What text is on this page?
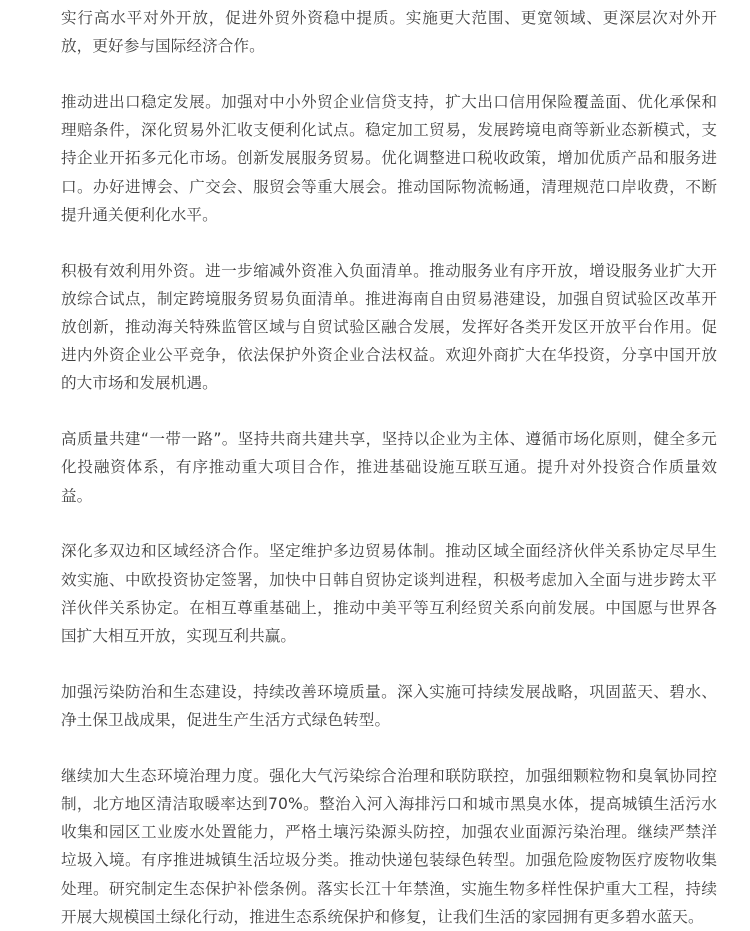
实行高水平对外开放，促进外贸外资稳中提质。实施更大范围、更宽领域、更深层次对外开放，更好参与国际经济合作。

推动进出口稳定发展。加强对中小外贸企业信贷支持，扩大出口信用保险覆盖面、优化承保和理赔条件，深化贸易外汇收支便利化试点。稳定加工贸易，发展跨境电商等新业态新模式，支持企业开拓多元化市场。创新发展服务贸易。优化调整进口税收政策，增加优质产品和服务进口。办好进博会、广交会、服贸会等重大展会。推动国际物流畅通，清理规范口岸收费，不断提升通关便利化水平。

积极有效利用外资。进一步缩减外资准入负面清单。推动服务业有序开放，增设服务业扩大开放综合试点，制定跨境服务贸易负面清单。推进海南自由贸易港建设，加强自贸试验区改革开放创新，推动海关特殊监管区域与自贸试验区融合发展，发挥好各类开发区开放平台作用。促进内外资企业公平竞争，依法保护外资企业合法权益。欢迎外商扩大在华投资，分享中国开放的大市场和发展机遇。

高质量共建“一带一路”。坚持共商共建共享，坚持以企业为主体、遵循市场化原则，健全多元化投融资体系，有序推动重大项目合作，推进基础设施互联互通。提升对外投资合作质量效益。

深化多双边和区域经济合作。坚定维护多边贸易体制。推动区域全面经济伙伴关系协定尽早生效实施、中欧投资协定签署，加快中日韩自贸协定谈判进程，积极考虑加入全面与进步跨太平洋伙伴关系协定。在相互尊重基础上，推动中美平等互利经贸关系向前发展。中国愿与世界各国扩大相互开放，实现互利共赢。

加强污染防治和生态建设，持续改善环境质量。深入实施可持续发展战略，巩固蓝天、碧水、净土保卫战成果，促进生产生活方式绿色转型。

继续加大生态环境治理力度。强化大气污染综合治理和联防联控，加强细颗粒物和臭氧协同控制，北方地区清洁取暖率达到70%。整治入河入海排污口和城市黑臭水体，提高城镇生活污水收集和园区工业废水处置能力，严格土壤污染源头防控，加强农业面源污染治理。继续严禁洋垃圾入境。有序推进城镇生活垃圾分类。推动快递包装绿色转型。加强危险废物医疗废物收集处理。研究制定生态保护补偿条例。落实长江十年禁渔，实施生物多样性保护重大工程，持续开展大规模国土绿化行动，推进生态系统保护和修复，让我们生活的家园拥有更多碧水蓝天。
